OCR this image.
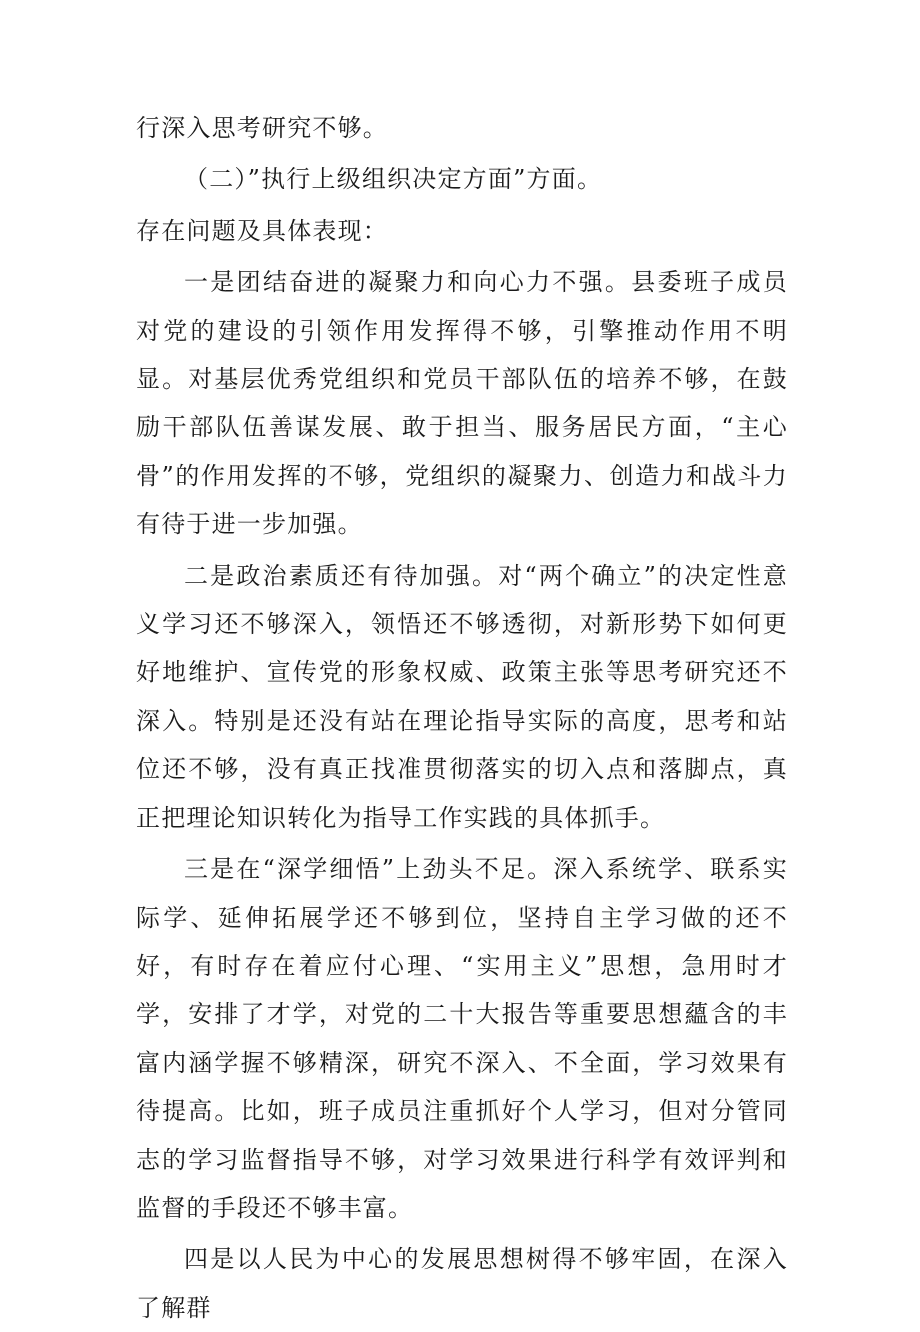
行深入思考研究不够。

（二）”执行上级组织决定方面”方面。

存在问题及具体表现：

一是团结奋进的凝聚力和向心力不强。县委班子成员对党的建设的引领作用发挥得不够，引擎推动作用不明显。对基层优秀党组织和党员干部队伍的培养不够，在鼓励干部队伍善谋发展、敢于担当、服务居民方面，“主心骨”的作用发挥的不够，党组织的凝聚力、创造力和战斗力有待于进一步加强。

二是政治素质还有待加强。对“两个确立”的决定性意义学习还不够深入，领悟还不够透彻，对新形势下如何更好地维护、宣传党的形象权威、政策主张等思考研究还不深入。特别是还没有站在理论指导实际的高度，思考和站位还不够，没有真正找准贯彻落实的切入点和落脚点，真正把理论知识转化为指导工作实践的具体抓手。

三是在“深学细悟”上劲头不足。深入系统学、联系实际学、延伸拓展学还不够到位，坚持自主学习做的还不好，有时存在着应付心理、“实用主义”思想，急用时才学，安排了才学，对党的二十大报告等重要思想蘊含的丰富内涵学握不够精深，研究不深入、不全面，学习效果有待提高。比如，班子成员注重抓好个人学习，但对分管同志的学习监督指导不够，对学习效果进行科学有效评判和监督的手段还不够丰富。

四是以人民为中心的发展思想树得不够牢固，在深入了解群
